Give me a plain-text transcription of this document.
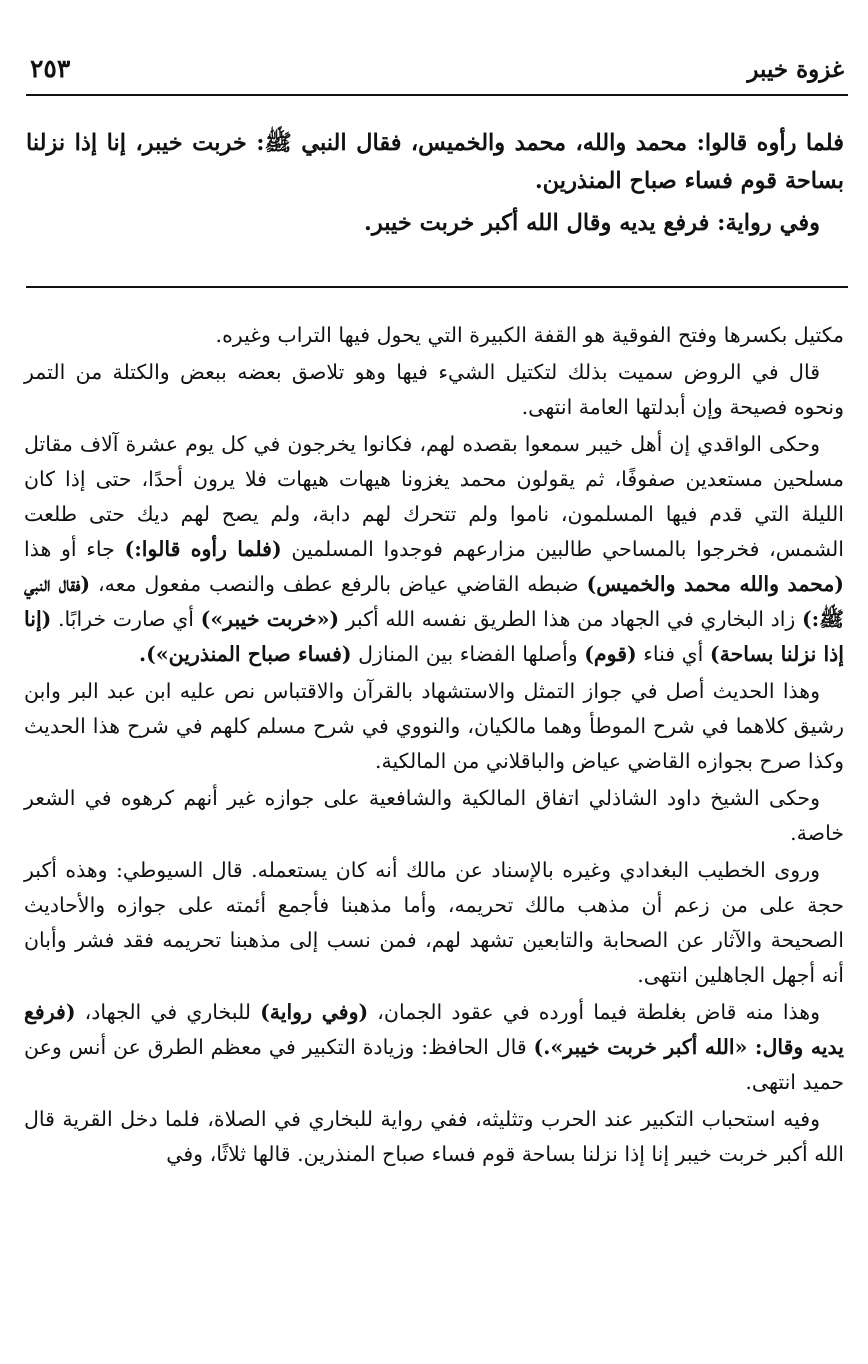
غزوة خيبر
٢٥٣

فلما رأوه قالوا: محمد والله، محمد والخميس، فقال النبي ﷺ: خربت خيبر، إنا إذا نزلنا بساحة قوم فساء صباح المنذرين.

وفي رواية: فرفع يديه وقال الله أكبر خربت خيبر.

مكتيل بكسرها وفتح الفوقية هو القفة الكبيرة التي يحول فيها التراب وغيره.

قال في الروض سميت بذلك لتكتيل الشيء فيها وهو تلاصق بعضه ببعض والكتلة من التمر ونحوه فصيحة وإن أبدلتها العامة انتهى.

وحكى الواقدي إن أهل خيبر سمعوا بقصده لهم، فكانوا يخرجون في كل يوم عشرة آلاف مقاتل مسلحين مستعدين صفوفًا، ثم يقولون محمد يغزونا هيهات هيهات فلا يرون أحدًا، حتى إذا كان الليلة التي قدم فيها المسلمون، ناموا ولم تتحرك لهم دابة، ولم يصح لهم ديك حتى طلعت الشمس، فخرجوا بالمساحي طالبين مزارعهم فوجدوا المسلمين (فلما رأوه قالوا:) جاء أو هذا (محمد والله محمد والخميس) ضبطه القاضي عياض بالرفع عطف والنصب مفعول معه، (فقال النبي ﷺ:) زاد البخاري في الجهاد من هذا الطريق نفسه الله أكبر («خربت خيبر») أي صارت خرابًا. (إنا إذا نزلنا بساحة) أي فناء (قوم) وأصلها الفضاء بين المنازل (فساء صباح المنذرين»).

وهذا الحديث أصل في جواز التمثل والاستشهاد بالقرآن والاقتباس نص عليه ابن عبد البر وابن رشيق كلاهما في شرح الموطأ وهما مالكيان، والنووي في شرح مسلم كلهم في شرح هذا الحديث وكذا صرح بجوازه القاضي عياض والباقلاني من المالكية.

وحكى الشيخ داود الشاذلي اتفاق المالكية والشافعية على جوازه غير أنهم كرهوه في الشعر خاصة.

وروى الخطيب البغدادي وغيره بالإسناد عن مالك أنه كان يستعمله. قال السيوطي: وهذه أكبر حجة على من زعم أن مذهب مالك تحريمه، وأما مذهبنا فأجمع أئمته على جوازه والأحاديث الصحيحة والآثار عن الصحابة والتابعين تشهد لهم، فمن نسب إلى مذهبنا تحريمه فقد فشر وأبان أنه أجهل الجاهلين انتهى.

وهذا منه قاض بغلطة فيما أورده في عقود الجمان، (وفي رواية) للبخاري في الجهاد، (فرفع يديه وقال: «الله أكبر خربت خيبر».) قال الحافظ: وزيادة التكبير في معظم الطرق عن أنس وعن حميد انتهى.

وفيه استحباب التكبير عند الحرب وتثليثه، ففي رواية للبخاري في الصلاة، فلما دخل القرية قال الله أكبر خربت خيبر إنا إذا نزلنا بساحة قوم فساء صباح المنذرين. قالها ثلاثًا، وفي
